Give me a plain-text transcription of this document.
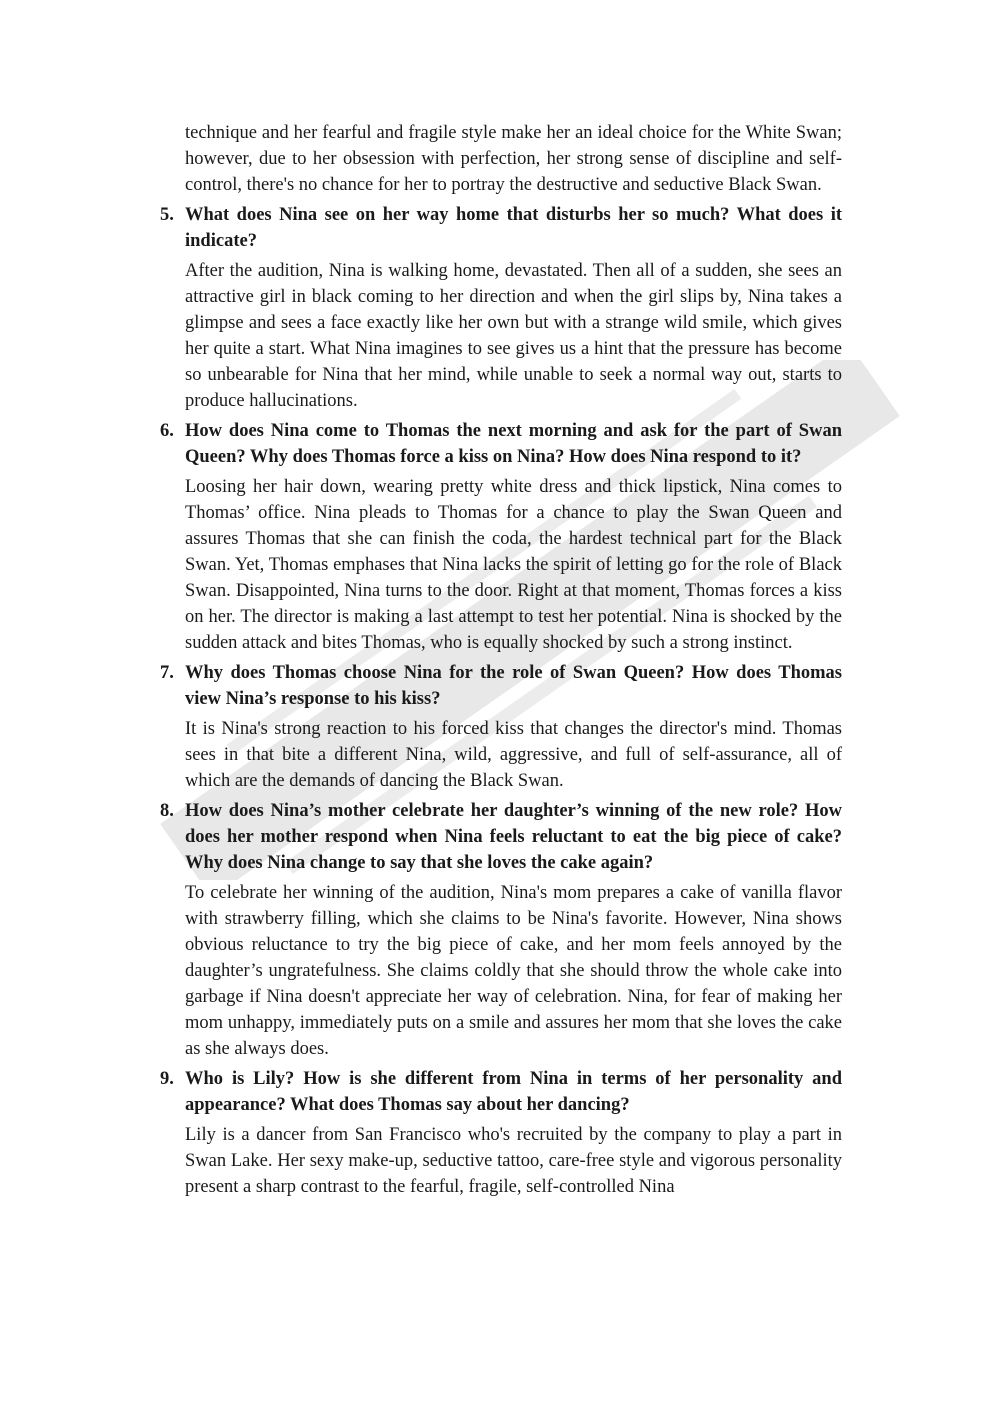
technique and her fearful and fragile style make her an ideal choice for the White Swan; however, due to her obsession with perfection, her strong sense of discipline and self-control, there's no chance for her to portray the destructive and seductive Black Swan.

5. What does Nina see on her way home that disturbs her so much? What does it indicate?

After the audition, Nina is walking home, devastated. Then all of a sudden, she sees an attractive girl in black coming to her direction and when the girl slips by, Nina takes a glimpse and sees a face exactly like her own but with a strange wild smile, which gives her quite a start. What Nina imagines to see gives us a hint that the pressure has become so unbearable for Nina that her mind, while unable to seek a normal way out, starts to produce hallucinations.

6. How does Nina come to Thomas the next morning and ask for the part of Swan Queen? Why does Thomas force a kiss on Nina? How does Nina respond to it?

Loosing her hair down, wearing pretty white dress and thick lipstick, Nina comes to Thomas’ office. Nina pleads to Thomas for a chance to play the Swan Queen and assures Thomas that she can finish the coda, the hardest technical part for the Black Swan. Yet, Thomas emphases that Nina lacks the spirit of letting go for the role of Black Swan. Disappointed, Nina turns to the door. Right at that moment, Thomas forces a kiss on her. The director is making a last attempt to test her potential. Nina is shocked by the sudden attack and bites Thomas, who is equally shocked by such a strong instinct.

7. Why does Thomas choose Nina for the role of Swan Queen? How does Thomas view Nina’s response to his kiss?

It is Nina's strong reaction to his forced kiss that changes the director's mind. Thomas sees in that bite a different Nina, wild, aggressive, and full of self-assurance, all of which are the demands of dancing the Black Swan.

8. How does Nina’s mother celebrate her daughter’s winning of the new role? How does her mother respond when Nina feels reluctant to eat the big piece of cake? Why does Nina change to say that she loves the cake again?

To celebrate her winning of the audition, Nina's mom prepares a cake of vanilla flavor with strawberry filling, which she claims to be Nina's favorite. However, Nina shows obvious reluctance to try the big piece of cake, and her mom feels annoyed by the daughter’s ungratefulness. She claims coldly that she should throw the whole cake into garbage if Nina doesn't appreciate her way of celebration. Nina, for fear of making her mom unhappy, immediately puts on a smile and assures her mom that she loves the cake as she always does.

9. Who is Lily? How is she different from Nina in terms of her personality and appearance? What does Thomas say about her dancing?

Lily is a dancer from San Francisco who's recruited by the company to play a part in Swan Lake. Her sexy make-up, seductive tattoo, care-free style and vigorous personality present a sharp contrast to the fearful, fragile, self-controlled Nina
